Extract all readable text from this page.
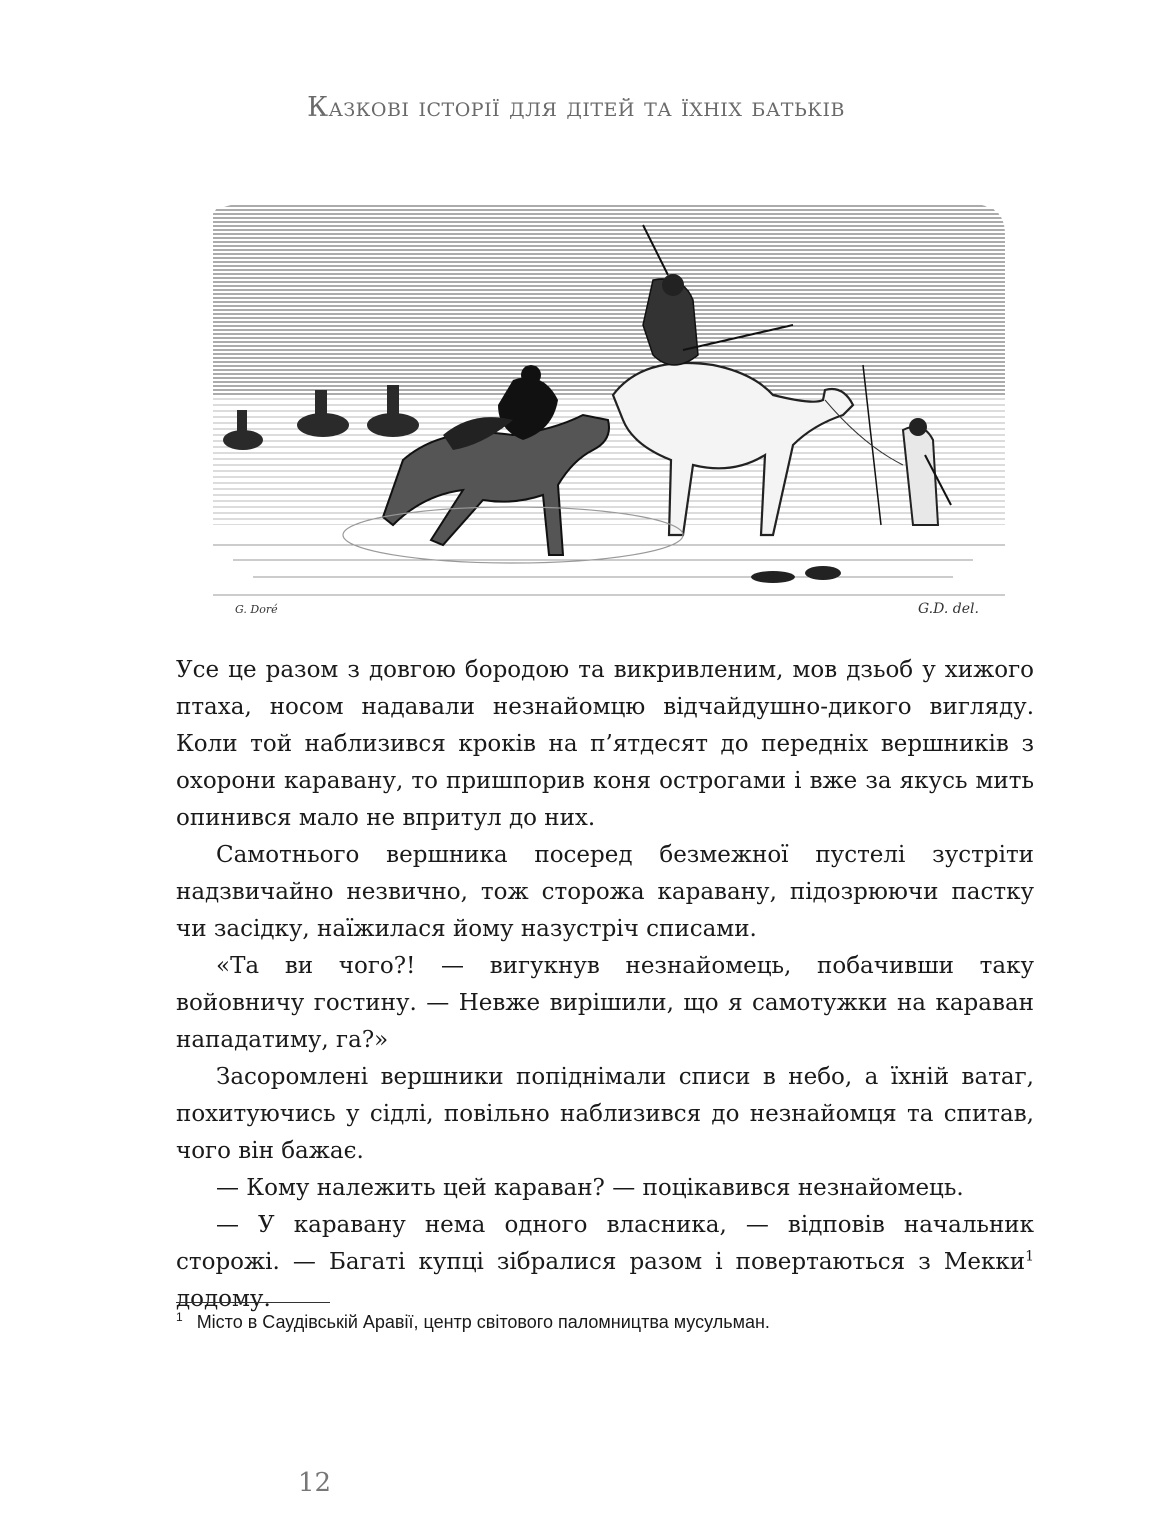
Казкові історії для дітей та їхніх батьків
G. Doré	G.D. del.

Усе це разом з довгою бородою та викривленим, мов дзьоб у хижого птаха, носом надавали незнайомцю відчайдушно-дикого вигляду. Коли той наблизився кроків на п’ятдесят до передніх вершників з охорони каравану, то пришпорив коня острогами і вже за якусь мить опинився мало не впритул до них.

Самотнього вершника посеред безмежної пустелі зустріти надзвичайно незвично, тож сторожа каравану, підозрюючи пастку чи засідку, наїжилася йому назустріч списами.

«Та ви чого?! — вигукнув незнайомець, побачивши таку войовничу гостину. — Невже вирішили, що я самотужки на караван нападатиму, га?»

Засоромлені вершники попіднімали списи в небо, а їхній ватаг, похитуючись у сідлі, повільно наблизився до незнайомця та спитав, чого він бажає.

— Кому належить цей караван? — поцікавився незнайомець.

— У каравану нема одного власника, — відповів начальник сторожі. — Багаті купці зібралися разом і повертаються з Мекки$^1$ додому.

$^1$ Місто в Саудівській Аравії, центр світового паломництва мусульман.
12
